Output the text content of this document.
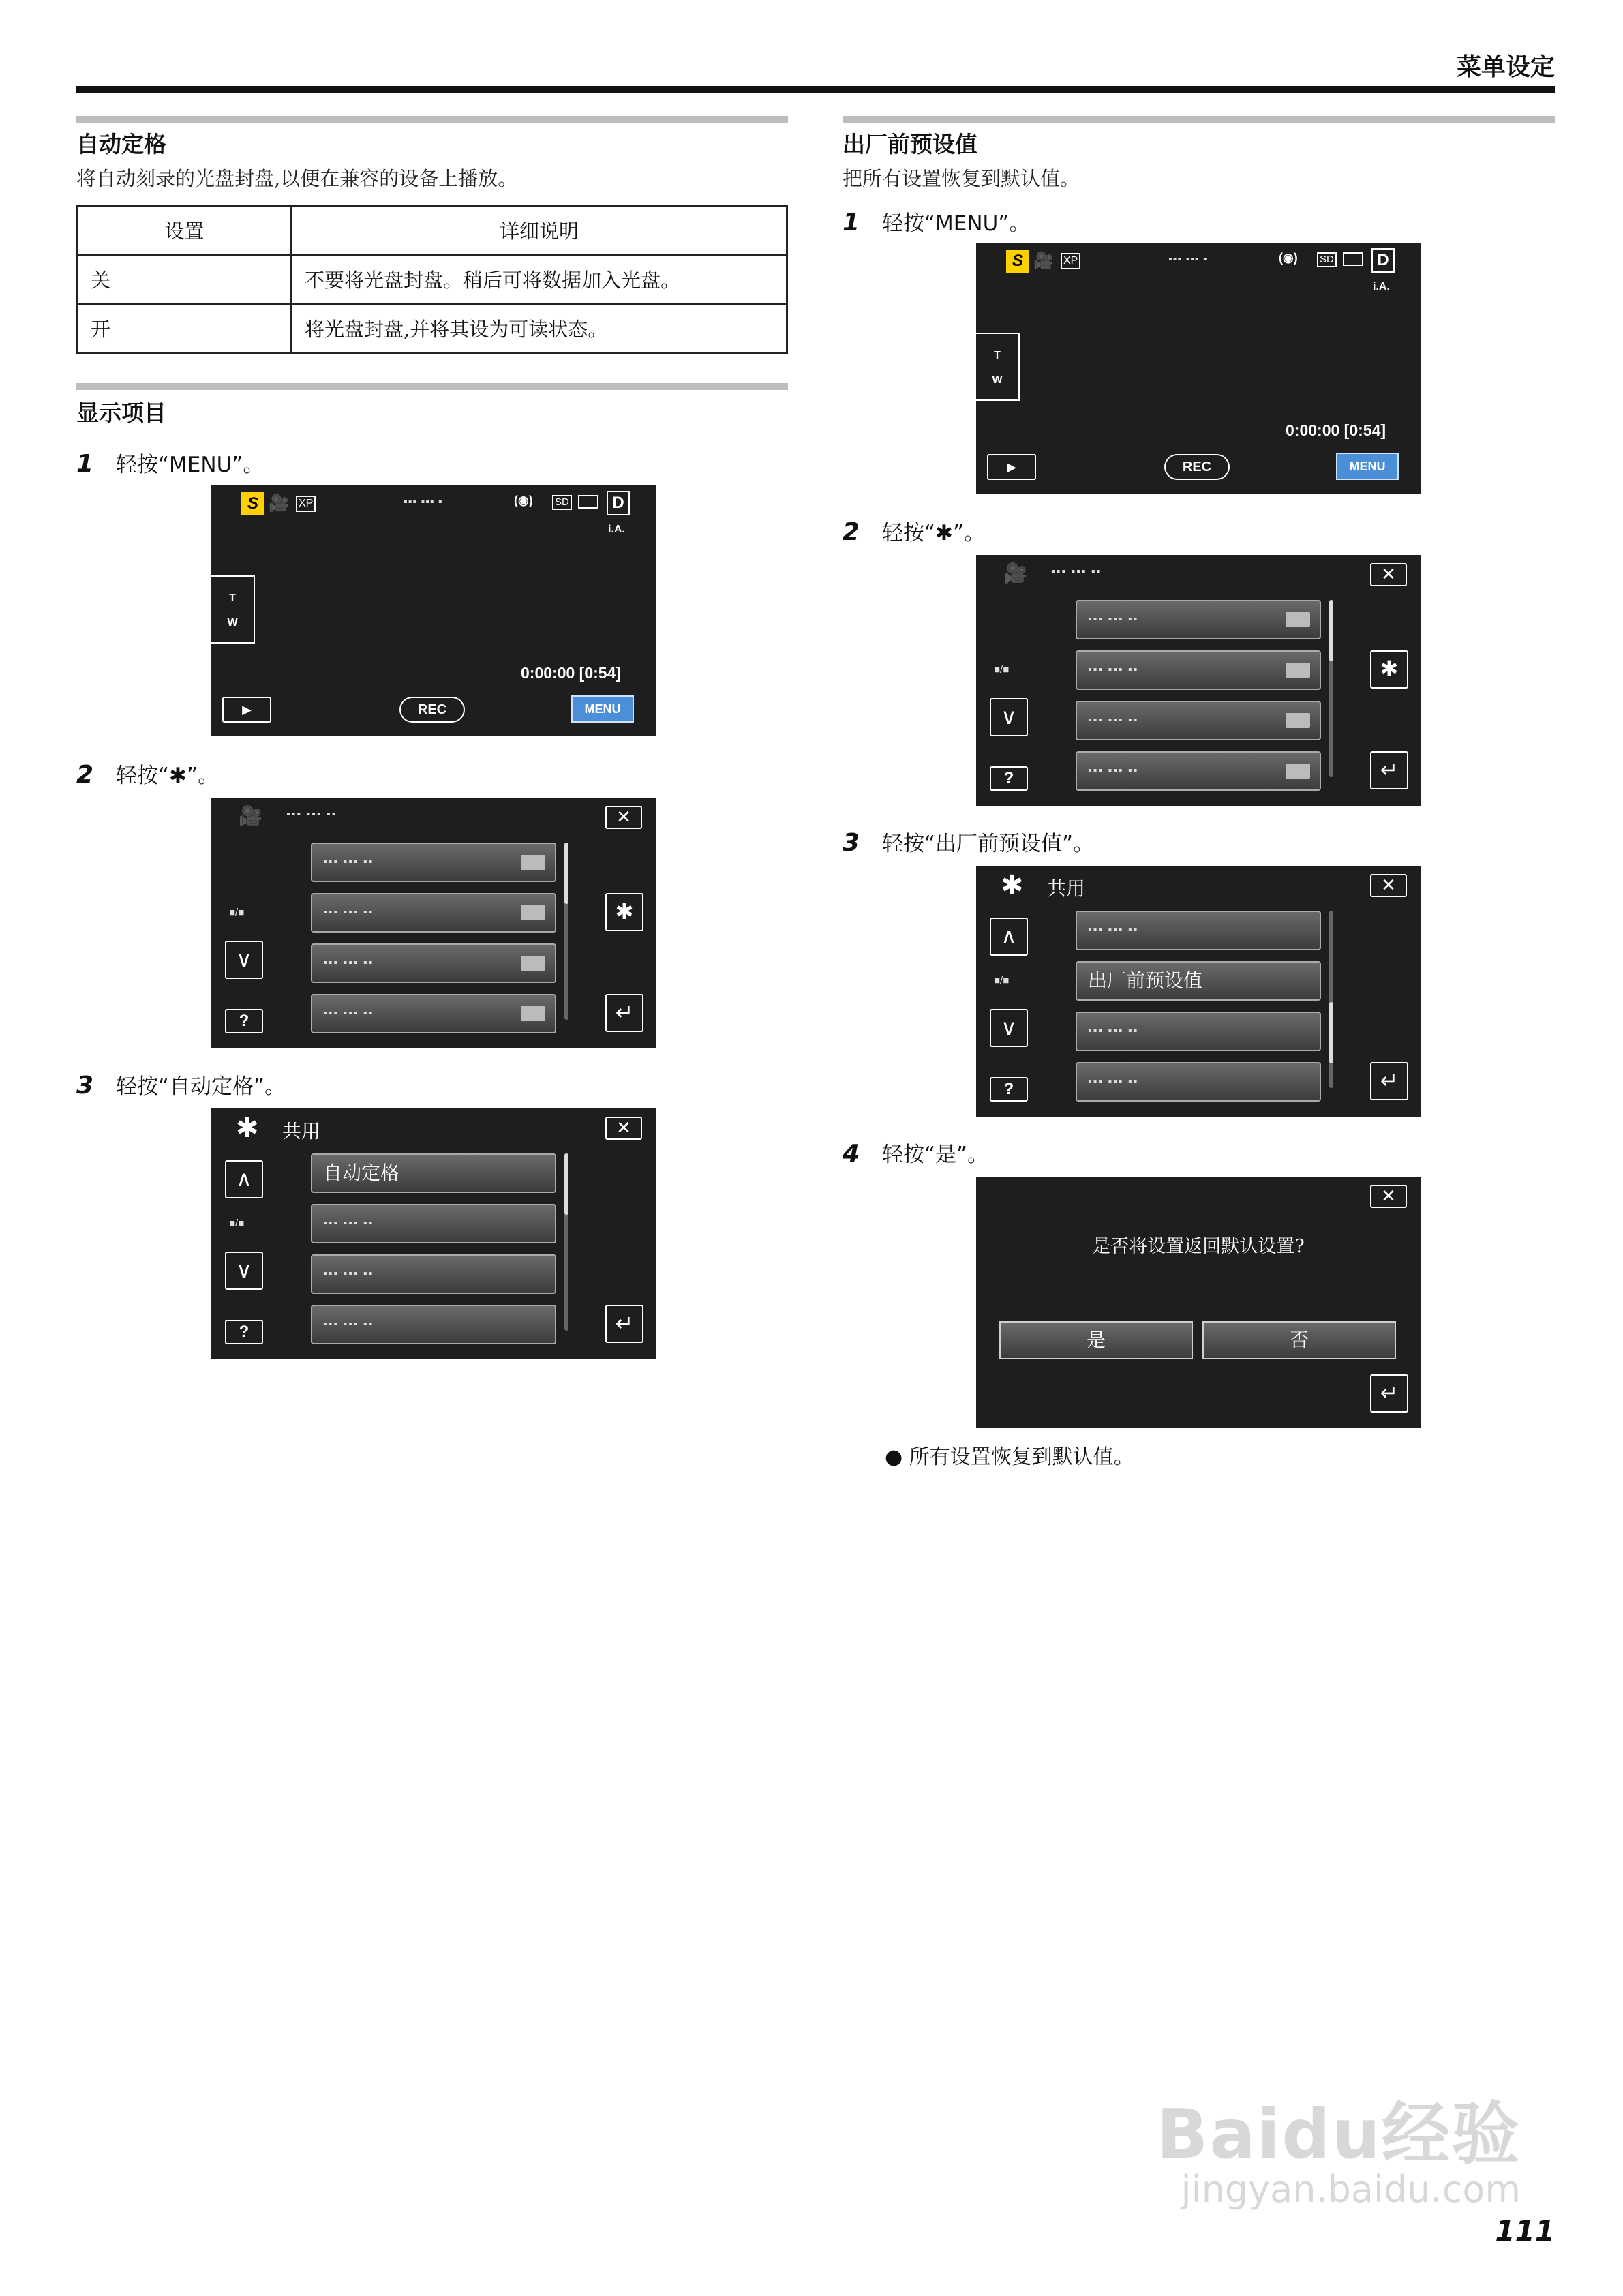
菜单设定
自动定格
将自动刻录的光盘封盘,以便在兼容的设备上播放。
设置	详细说明
关	不要将光盘封盘。稍后可将数据加入光盘。
开	将光盘封盘,并将其设为可读状态。
显示项目
1 轻按“MENU”。
S 🎥 XP	▪▪▪ ▪▪▪ ▪	(◉) SD	D
i.A.
T
W
0:00:00 [0:54]
▶	REC	MENU
2 轻按“✱”。
🎥 ▪▪▪ ▪▪▪ ▪▪	✕
▪▪▪ ▪▪▪ ▪▪
▪▪▪ ▪▪▪ ▪▪
▪▪▪ ▪▪▪ ▪▪
▪▪▪ ▪▪▪ ▪▪
■/■
∨
?
✱
↵
3 轻按“自动定格”。
✱ 共用	✕
自动定格
▪▪▪ ▪▪▪ ▪▪
▪▪▪ ▪▪▪ ▪▪
▪▪▪ ▪▪▪ ▪▪
∧
■/■
∨
?	↵
出厂前预设值
把所有设置恢复到默认值。
1 轻按“MENU”。
S 🎥 XP	▪▪▪ ▪▪▪ ▪	(◉) SD	D
i.A.
T
W
0:00:00 [0:54]
▶	REC	MENU
2 轻按“✱”。
🎥 ▪▪▪ ▪▪▪ ▪▪	✕
▪▪▪ ▪▪▪ ▪▪
▪▪▪ ▪▪▪ ▪▪
▪▪▪ ▪▪▪ ▪▪
▪▪▪ ▪▪▪ ▪▪
■/■
∨
?
✱
↵
3 轻按“出厂前预设值”。
✱ 共用	✕
▪▪▪ ▪▪▪ ▪▪
出厂前预设值
▪▪▪ ▪▪▪ ▪▪
▪▪▪ ▪▪▪ ▪▪
∧
■/■
∨
?	↵
4 轻按“是”。
✕
是否将设置返回默认设置?
是	否
↵
● 所有设置恢复到默认值。
Baidu经验
jingyan.baidu.com
111
